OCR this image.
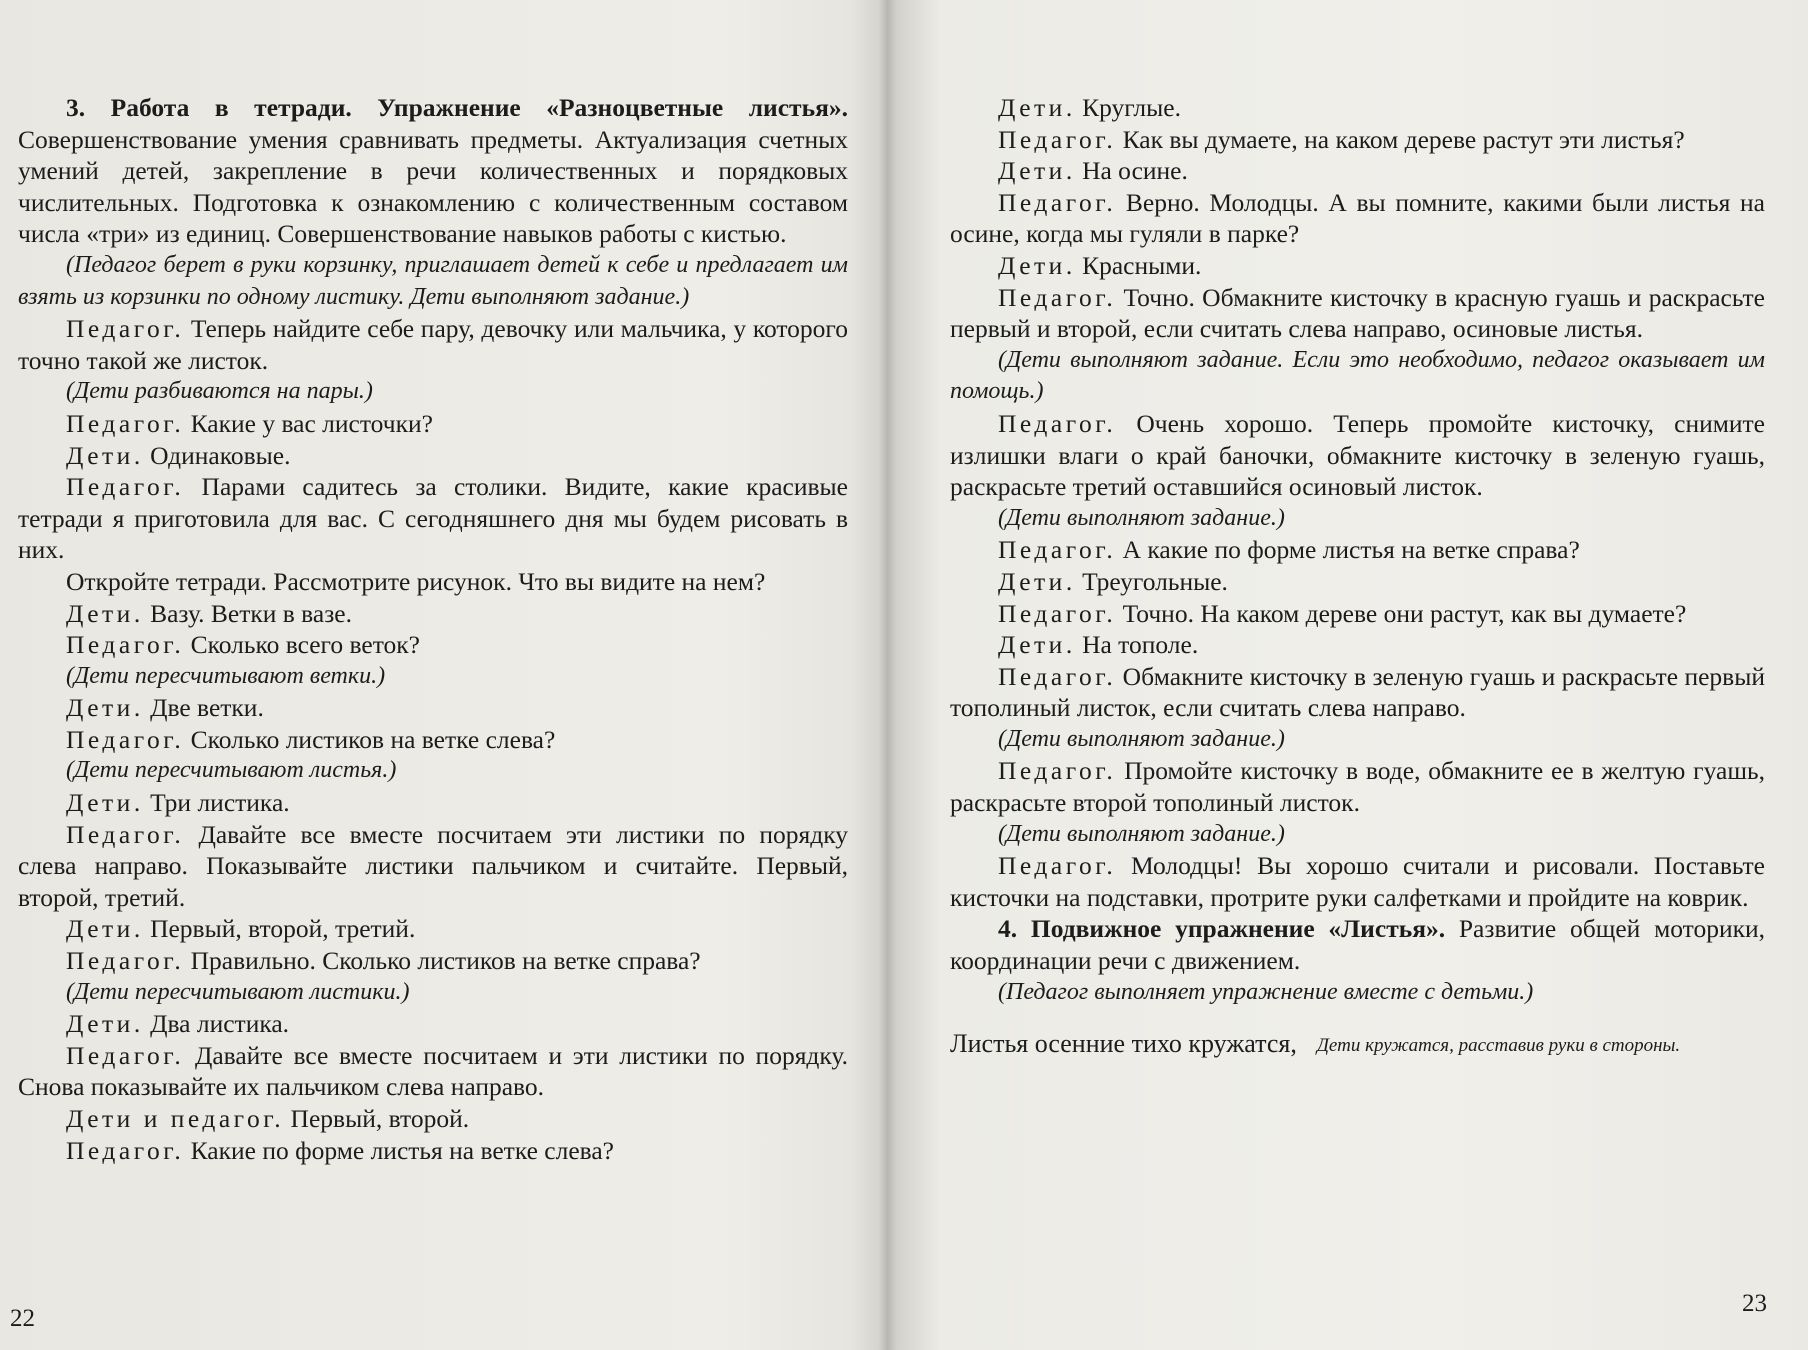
3. Работа в тетради. Упражнение «Разноцветные листья». Совершенствование умения сравнивать предметы. Актуализация счетных умений детей, закрепление в речи количественных и порядковых числительных. Подготовка к ознакомлению с количественным составом числа «три» из единиц. Совершенствование навыков работы с кистью.

(Педагог берет в руки корзинку, приглашает детей к себе и предлагает им взять из корзинки по одному листику. Дети выполняют задание.)

Педагог. Теперь найдите себе пару, девочку или мальчика, у которого точно такой же листок.

(Дети разбиваются на пары.)

Педагог. Какие у вас листочки?

Дети. Одинаковые.

Педагог. Парами садитесь за столики. Видите, какие красивые тетради я приготовила для вас. С сегодняшнего дня мы будем рисовать в них.

Откройте тетради. Рассмотрите рисунок. Что вы видите на нем?

Дети. Вазу. Ветки в вазе.

Педагог. Сколько всего веток?

(Дети пересчитывают ветки.)

Дети. Две ветки.

Педагог. Сколько листиков на ветке слева?

(Дети пересчитывают листья.)

Дети. Три листика.

Педагог. Давайте все вместе посчитаем эти листики по порядку слева направо. Показывайте листики пальчиком и считайте. Первый, второй, третий.

Дети. Первый, второй, третий.

Педагог. Правильно. Сколько листиков на ветке справа?

(Дети пересчитывают листики.)

Дети. Два листика.

Педагог. Давайте все вместе посчитаем и эти листики по порядку. Снова показывайте их пальчиком слева направо.

Дети и педагог. Первый, второй.

Педагог. Какие по форме листья на ветке слева?

Дети. Круглые.

Педагог. Как вы думаете, на каком дереве растут эти листья?

Дети. На осине.

Педагог. Верно. Молодцы. А вы помните, какими были листья на осине, когда мы гуляли в парке?

Дети. Красными.

Педагог. Точно. Обмакните кисточку в красную гуашь и раскрасьте первый и второй, если считать слева направо, осиновые листья.

(Дети выполняют задание. Если это необходимо, педагог оказывает им помощь.)

Педагог. Очень хорошо. Теперь промойте кисточку, снимите излишки влаги о край баночки, обмакните кисточку в зеленую гуашь, раскрасьте третий оставшийся осиновый листок.

(Дети выполняют задание.)

Педагог. А какие по форме листья на ветке справа?

Дети. Треугольные.

Педагог. Точно. На каком дереве они растут, как вы думаете?

Дети. На тополе.

Педагог. Обмакните кисточку в зеленую гуашь и раскрасьте первый тополиный листок, если считать слева направо.

(Дети выполняют задание.)

Педагог. Промойте кисточку в воде, обмакните ее в желтую гуашь, раскрасьте второй тополиный листок.

(Дети выполняют задание.)

Педагог. Молодцы! Вы хорошо считали и рисовали. Поставьте кисточки на подставки, протрите руки салфетками и пройдите на коврик.

4. Подвижное упражнение «Листья». Развитие общей моторики, координации речи с движением.

(Педагог выполняет упражнение вместе с детьми.)

Листья осенние тихо кружатся, Дети кружатся, расставив руки в стороны.
22
23
